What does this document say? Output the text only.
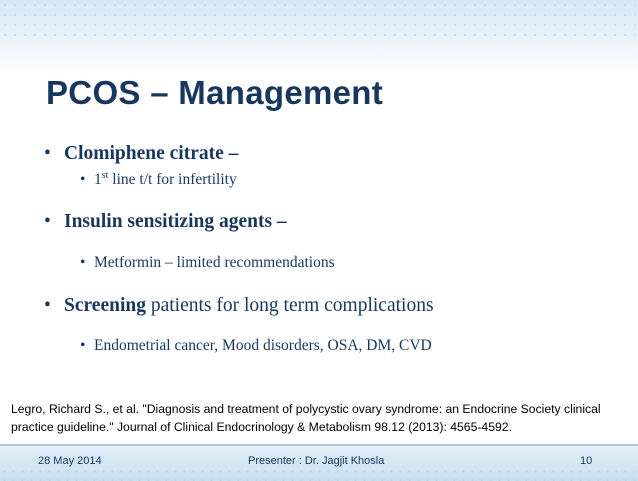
PCOS – Management
• Clomiphene citrate –
• 1st line t/t for infertility
• Insulin sensitizing agents –
• Metformin – limited recommendations
• Screening patients for long term complications
• Endometrial cancer, Mood disorders, OSA, DM, CVD
Legro, Richard S., et al. "Diagnosis and treatment of polycystic ovary syndrome: an Endocrine Society clinical
practice guideline." Journal of Clinical Endocrinology & Metabolism 98.12 (2013): 4565-4592.
28 May 2014	Presenter : Dr. Jagjit Khosla	10
